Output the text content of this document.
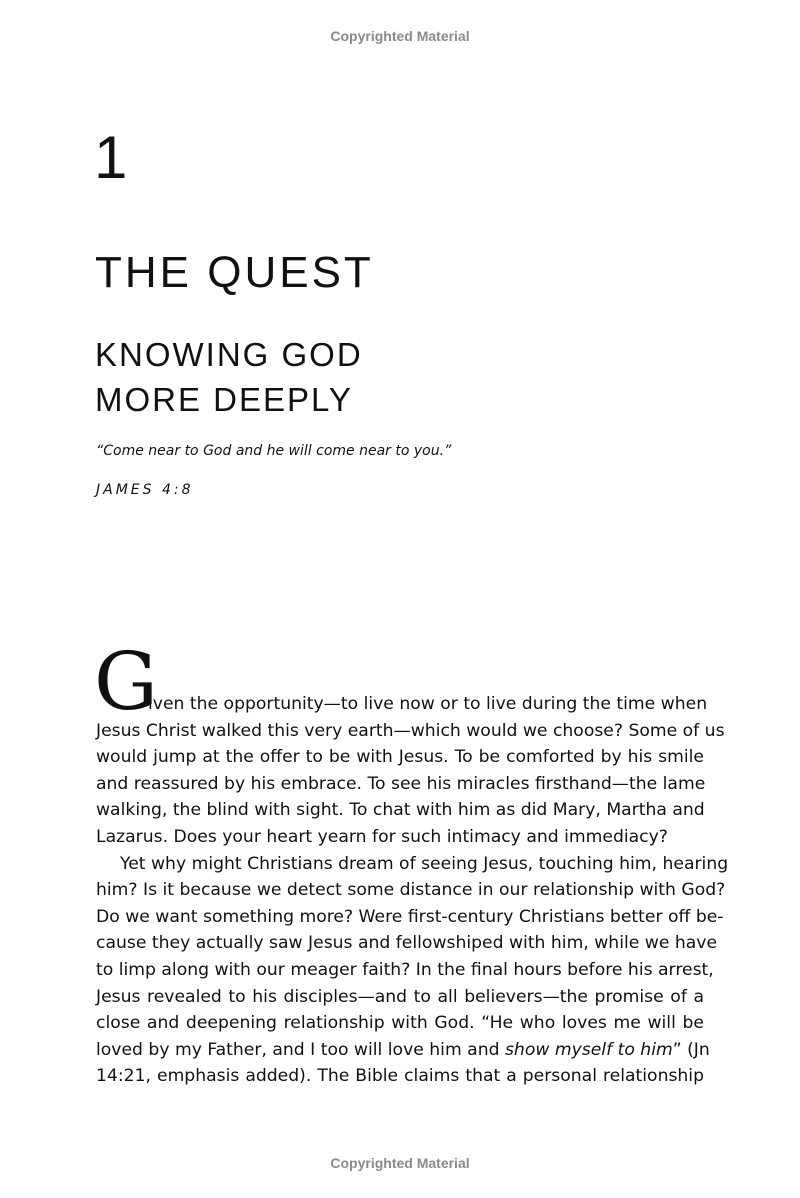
Copyrighted Material
1
THE QUEST
KNOWING GOD
MORE DEEPLY
“Come near to God and he will come near to you.”
JAMES 4:8
G
iven the opportunity—to live now or to live during the time when
Jesus Christ walked this very earth—which would we choose? Some of us
would jump at the offer to be with Jesus. To be comforted by his smile
and reassured by his embrace. To see his miracles firsthand—the lame
walking, the blind with sight. To chat with him as did Mary, Martha and
Lazarus. Does your heart yearn for such intimacy and immediacy?
Yet why might Christians dream of seeing Jesus, touching him, hearing
him? Is it because we detect some distance in our relationship with God?
Do we want something more? Were first-century Christians better off be-
cause they actually saw Jesus and fellowshiped with him, while we have
to limp along with our meager faith? In the final hours before his arrest,
Jesus revealed to his disciples—and to all believers—the promise of a
close and deepening relationship with God. “He who loves me will be
loved by my Father, and I too will love him and show myself to him ” (Jn
14:21, emphasis added). The Bible claims that a personal relationship
Copyrighted Material
